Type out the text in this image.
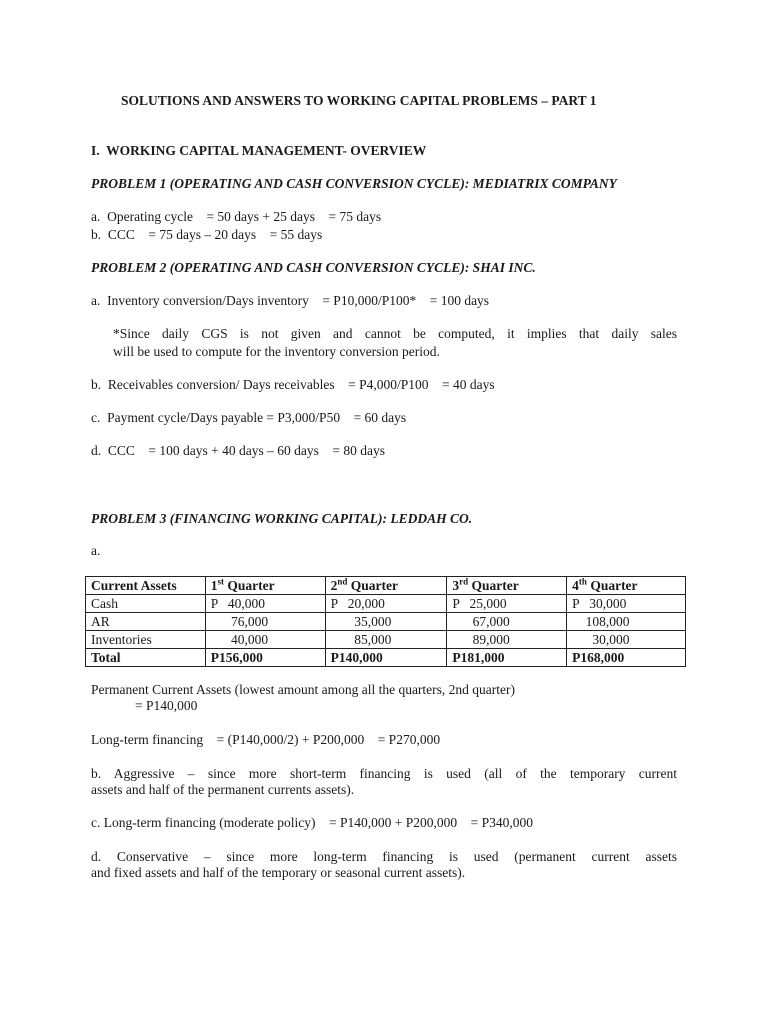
SOLUTIONS AND ANSWERS TO WORKING CAPITAL PROBLEMS – PART 1
I.  WORKING CAPITAL MANAGEMENT- OVERVIEW
PROBLEM 1 (OPERATING AND CASH CONVERSION CYCLE): MEDIATRIX COMPANY
a.  Operating cycle    = 50 days + 25 days    = 75 days
b.  CCC    = 75 days – 20 days    = 55 days
PROBLEM 2 (OPERATING AND CASH CONVERSION CYCLE): SHAI INC.
a.  Inventory conversion/Days inventory    = P10,000/P100*    = 100 days
*Since daily CGS is not given and cannot be computed, it implies that daily sales
will be used to compute for the inventory conversion period.
b.  Receivables conversion/ Days receivables    = P4,000/P100    = 40 days
c.  Payment cycle/Days payable = P3,000/P50    = 60 days
d.  CCC    = 100 days + 40 days – 60 days    = 80 days
PROBLEM 3 (FINANCING WORKING CAPITAL): LEDDAH CO.
a.
Current Assets	1st Quarter	2nd Quarter	3rd Quarter	4th Quarter
Cash	P   40,000	P   20,000	P   25,000	P   30,000
AR	76,000	35,000	67,000	108,000
Inventories	40,000	85,000	89,000	30,000
Total	P156,000	P140,000	P181,000	P168,000
Permanent Current Assets (lowest amount among all the quarters, 2nd quarter)
= P140,000
Long-term financing    = (P140,000/2) + P200,000    = P270,000
b. Aggressive – since more short-term financing is used (all of the temporary current
assets and half of the permanent currents assets).
c. Long-term financing (moderate policy)    = P140,000 + P200,000    = P340,000
d. Conservative – since more long-term financing is used (permanent current assets
and fixed assets and half of the temporary or seasonal current assets).
